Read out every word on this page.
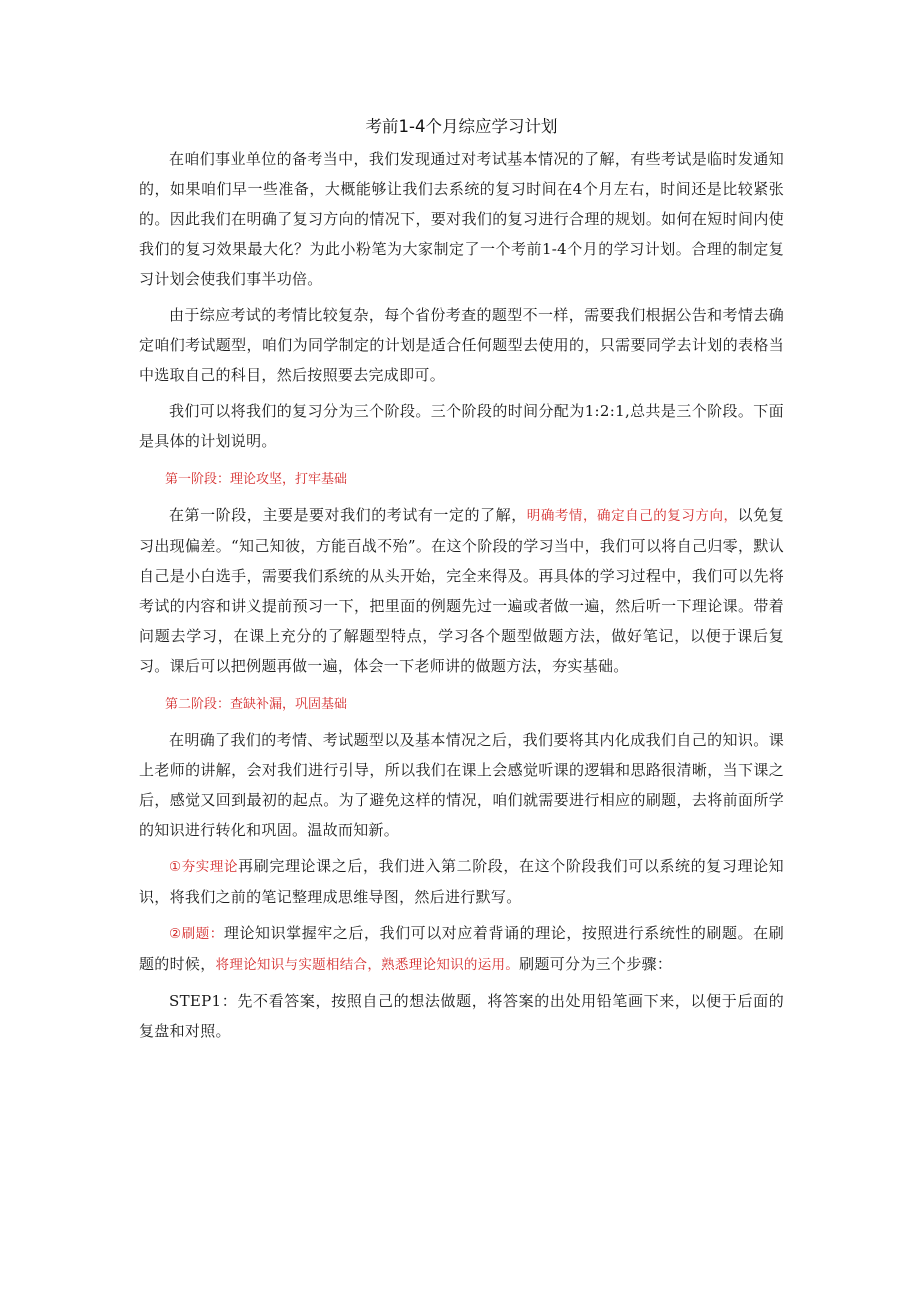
考前1-4个月综应学习计划

在咱们事业单位的备考当中，我们发现通过对考试基本情况的了解，有些考试是临时发通知的，如果咱们早一些准备，大概能够让我们去系统的复习时间在4个月左右，时间还是比较紧张的。因此我们在明确了复习方向的情况下，要对我们的复习进行合理的规划。如何在短时间内使我们的复习效果最大化？为此小粉笔为大家制定了一个考前1-4个月的学习计划。合理的制定复习计划会使我们事半功倍。

由于综应考试的考情比较复杂，每个省份考查的题型不一样，需要我们根据公告和考情去确定咱们考试题型，咱们为同学制定的计划是适合任何题型去使用的，只需要同学去计划的表格当中选取自己的科目，然后按照要去完成即可。

我们可以将我们的复习分为三个阶段。三个阶段的时间分配为1:2:1,总共是三个阶段。下面是具体的计划说明。

第一阶段：理论攻坚，打牢基础

在第一阶段，主要是要对我们的考试有一定的了解，明确考情，确定自己的复习方向，以免复习出现偏差。“知己知彼，方能百战不殆”。在这个阶段的学习当中，我们可以将自己归零，默认自己是小白选手，需要我们系统的从头开始，完全来得及。再具体的学习过程中，我们可以先将考试的内容和讲义提前预习一下，把里面的例题先过一遍或者做一遍，然后听一下理论课。带着问题去学习，在课上充分的了解题型特点，学习各个题型做题方法，做好笔记，以便于课后复习。课后可以把例题再做一遍，体会一下老师讲的做题方法，夯实基础。

第二阶段：查缺补漏，巩固基础

在明确了我们的考情、考试题型以及基本情况之后，我们要将其内化成我们自己的知识。课上老师的讲解，会对我们进行引导，所以我们在课上会感觉听课的逻辑和思路很清晰，当下课之后，感觉又回到最初的起点。为了避免这样的情况，咱们就需要进行相应的刷题，去将前面所学的知识进行转化和巩固。温故而知新。

①夯实理论再刷完理论课之后，我们进入第二阶段，在这个阶段我们可以系统的复习理论知识，将我们之前的笔记整理成思维导图，然后进行默写。

②刷题：理论知识掌握牢之后，我们可以对应着背诵的理论，按照进行系统性的刷题。在刷题的时候，将理论知识与实题相结合，熟悉理论知识的运用。刷题可分为三个步骤：

STEP1：先不看答案，按照自己的想法做题，将答案的出处用铅笔画下来，以便于后面的复盘和对照。
